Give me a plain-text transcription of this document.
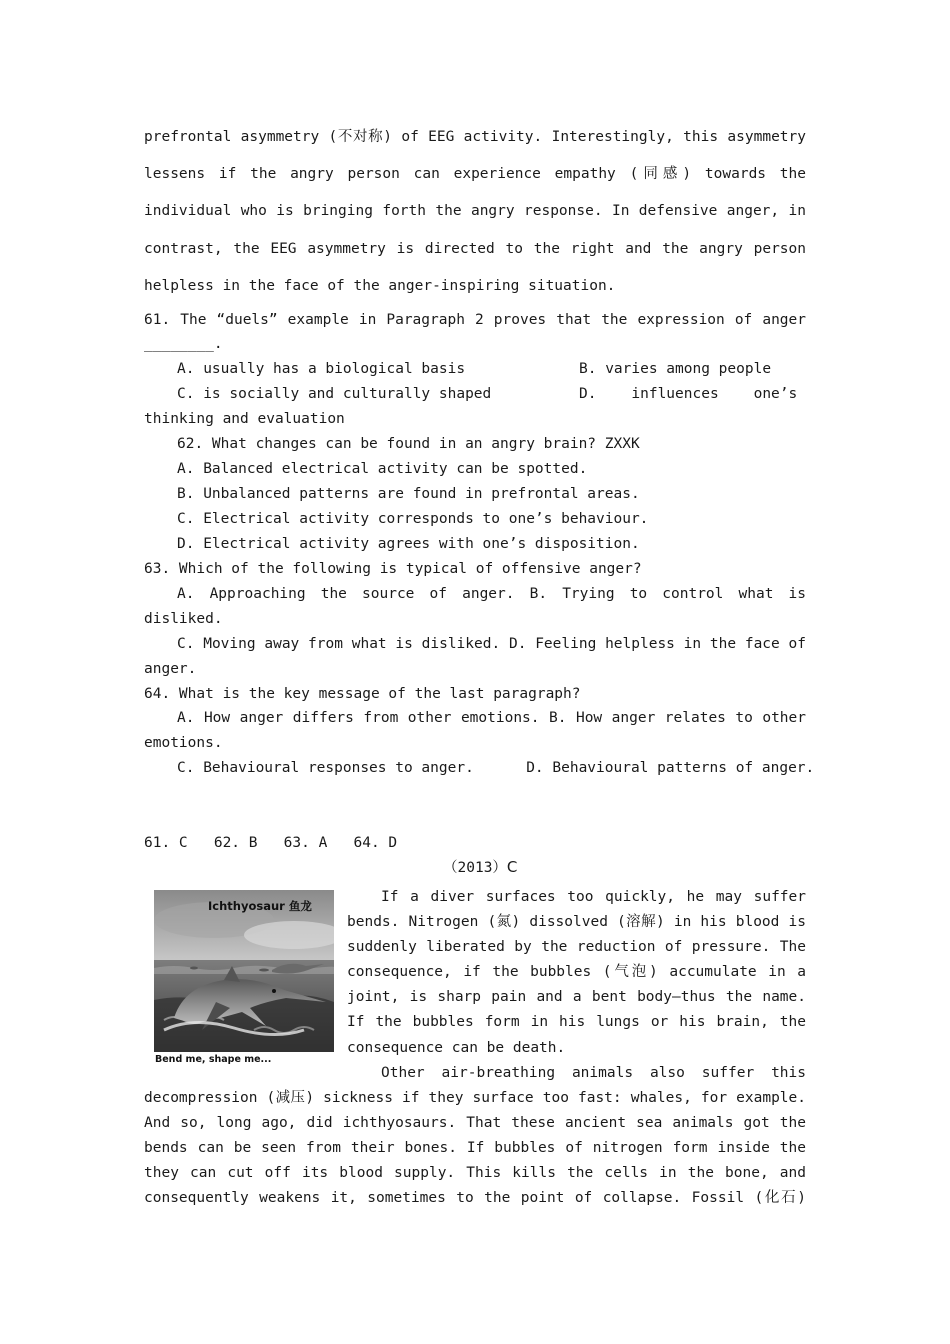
prefrontal asymmetry (不对称) of EEG activity. Interestingly, this asymmetry
lessens if the angry person can experience empathy (同感) towards the
individual who is bringing forth the angry response. In defensive anger, in
contrast, the EEG asymmetry is directed to the right and the angry person
helpless in the face of the anger-inspiring situation.
61. The “duels” example in Paragraph 2 proves that the expression of anger
________.
A. usually has a biological basis	B. varies among people
C. is socially and culturally shaped	D.    influences    one’s
thinking and evaluation
62. What changes can be found in an angry brain? ZXXK
A. Balanced electrical activity can be spotted.
B. Unbalanced patterns are found in prefrontal areas.
C. Electrical activity corresponds to one’s behaviour.
D. Electrical activity agrees with one’s disposition.
63. Which of the following is typical of offensive anger?
A. Approaching the source of anger. B. Trying to control what is
disliked.
C. Moving away from what is disliked. D. Feeling helpless in the face of
anger.
64. What is the key message of the last paragraph?
A. How anger differs from other emotions. B. How anger relates to other
emotions.
C. Behavioural responses to anger.      D. Behavioural patterns of anger.
61. C   62. B   63. A   64. D
（2013）C
Ichthyosaur 鱼龙
Bend me, shape me...
If a diver surfaces too quickly, he may suffer
bends. Nitrogen (氮) dissolved (溶解) in his blood is
suddenly liberated by the reduction of pressure. The
consequence, if the bubbles (气泡) accumulate in a
joint, is sharp pain and a bent body—thus the name.
If the bubbles form in his lungs or his brain, the
consequence can be death.
Other air-breathing animals also suffer this
decompression (减压) sickness if they surface too fast: whales, for example.
And so, long ago, did ichthyosaurs. That these ancient sea animals got the
bends can be seen from their bones. If bubbles of nitrogen form inside the
they can cut off its blood supply. This kills the cells in the bone, and
consequently weakens it, sometimes to the point of collapse. Fossil (化石)
